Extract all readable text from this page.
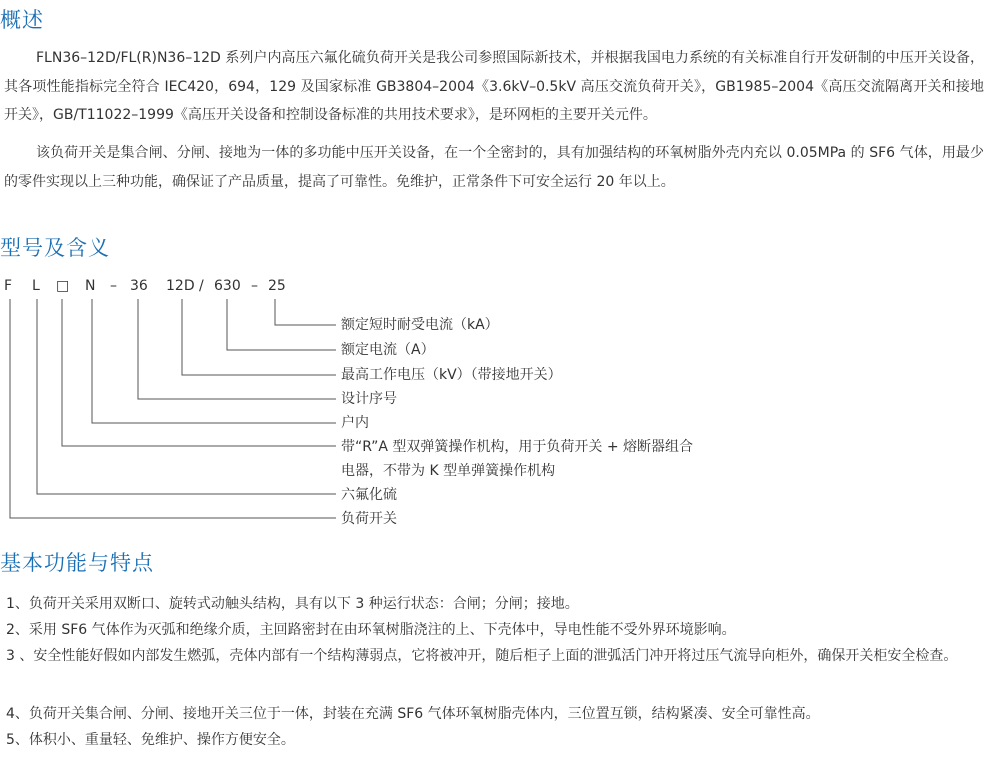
概述

FLN36–12D/FL(R)N36–12D 系列户内高压六氟化硫负荷开关是我公司参照国际新技术，并根据我国电力系统的有关标准自行开发研制的中压开关设备，其各项性能指标完全符合 IEC420，694，129 及国家标准 GB3804–2004《3.6kV–0.5kV 高压交流负荷开关》，GB1985–2004《高压交流隔离开关和接地开关》，GB/T11022–1999《高压开关设备和控制设备标准的共用技术要求》，是环网柜的主要开关元件。

该负荷开关是集合闸、分闸、接地为一体的多功能中压开关设备，在一个全密封的，具有加强结构的环氧树脂外壳内充以 0.05MPa 的 SF6 气体，用最少的零件实现以上三种功能，确保证了产品质量，提高了可靠性。免维护，正常条件下可安全运行 20 年以上。

型号及含义
F L □ N – 36 12D / 630 – 25
额定短时耐受电流（kA）
额定电流（A）
最高工作电压（kV）（带接地开关）
设计序号
户内
带“R”A 型双弹簧操作机构，用于负荷开关 + 熔断器组合
电器，不带为 K 型单弹簧操作机构
六氟化硫
负荷开关
基本功能与特点
1、负荷开关采用双断口、旋转式动触头结构，具有以下 3 种运行状态：合闸；分闸；接地。
2、采用 SF6 气体作为灭弧和绝缘介质，主回路密封在由环氧树脂浇注的上、下壳体中，导电性能不受外界环境影响。
3 、安全性能好假如内部发生燃弧，壳体内部有一个结构薄弱点，它将被冲开，随后柜子上面的泄弧活门冲开将过压气流导向柜外，确保开关柜安全检查。
4、负荷开关集合闸、分闸、接地开关三位于一体，封装在充满 SF6 气体环氧树脂壳体内，三位置互锁，结构紧凑、安全可靠性高。
5、体积小、重量轻、免维护、操作方便安全。
